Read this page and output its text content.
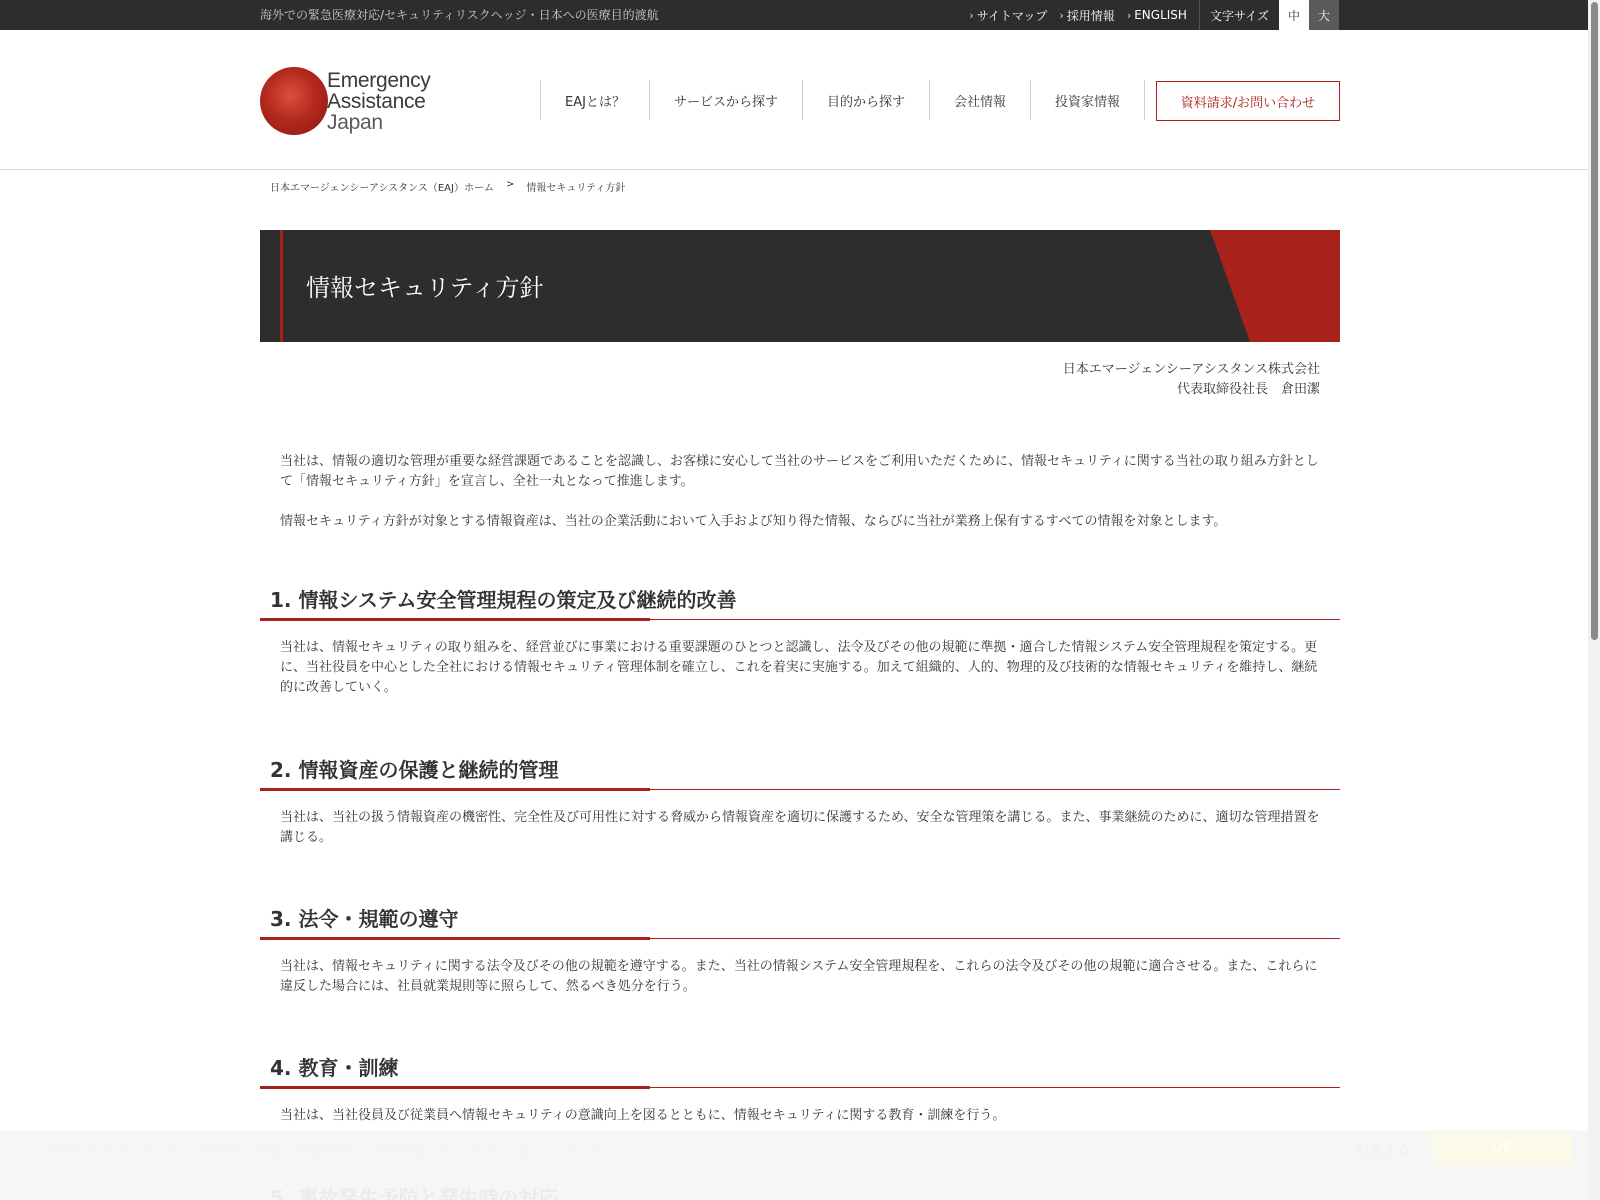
海外での緊急医療対応/セキュリティリスクヘッジ・日本への医療目的渡航	› サイトマップ › 採用情報 › ENGLISH	文字サイズ	中	大
Emergency
Assistance
Japan
EAJとは？	サービスから探す	目的から探す	会社情報	投資家情報	資料請求/お問い合わせ
日本エマージェンシーアシスタンス（EAJ）ホーム > 情報セキュリティ方針
情報セキュリティ方針
日本エマージェンシーアシスタンス株式会社
代表取締役社長　倉田潔

当社は、情報の適切な管理が重要な経営課題であることを認識し、お客様に安心して当社のサービスをご利用いただくために、情報セキュリティに関する当社の取り組み方針として「情報セキュリティ方針」を宣言し、全社一丸となって推進します。

情報セキュリティ方針が対象とする情報資産は、当社の企業活動において入手および知り得た情報、ならびに当社が業務上保有するすべての情報を対象とします。

1. 情報システム安全管理規程の策定及び継続的改善

当社は、情報セキュリティの取り組みを、経営並びに事業における重要課題のひとつと認識し、法令及びその他の規範に準拠・適合した情報システム安全管理規程を策定する。更に、当社役員を中心とした全社における情報セキュリティ管理体制を確立し、これを着実に実施する。加えて組織的、人的、物理的及び技術的な情報セキュリティを維持し、継続的に改善していく。

2. 情報資産の保護と継続的管理

当社は、当社の扱う情報資産の機密性、完全性及び可用性に対する脅威から情報資産を適切に保護するため、安全な管理策を講じる。また、事業継続のために、適切な管理措置を講じる。

3. 法令・規範の遵守

当社は、情報セキュリティに関する法令及びその他の規範を遵守する。また、当社の情報システム安全管理規程を、これらの法令及びその他の規範に適合させる。また、これらに違反した場合には、社員就業規則等に照らして、然るべき処分を行う。

4. 教育・訓練

当社は、当社役員及び従業員へ情報セキュリティの意識向上を図るとともに、情報セキュリティに関する教育・訓練を行う。

このサイトでは、クッキーを使用して個人のWEBデータを収集しています。 詳しくはこちら	拒否する	OK
